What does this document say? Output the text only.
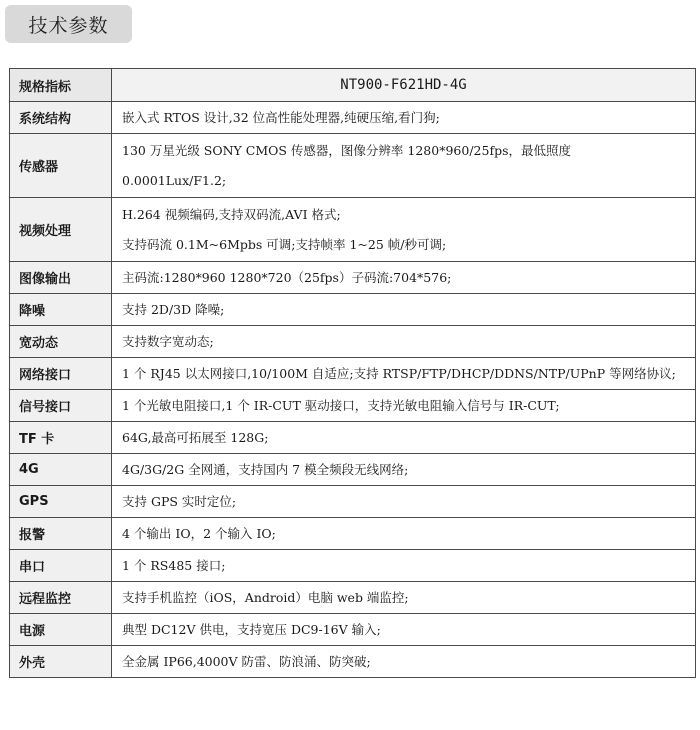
技术参数
规格指标	NT900-F621HD-4G

系统结构	嵌入式 RTOS 设计,32 位高性能处理器,纯硬压缩,看门狗;

传感器	130 万星光级 SONY CMOS 传感器，图像分辨率 1280*960/25fps，最低照度
0.0001Lux/F1.2;

视频处理	H.264 视频编码,支持双码流,AVI 格式;
支持码流 0.1M~6Mpbs 可调;支持帧率 1~25 帧/秒可调;

图像输出	主码流:1280*960 1280*720（25fps）子码流:704*576;

降噪	支持 2D/3D 降噪;

宽动态	支持数字宽动态;

网络接口	1 个 RJ45 以太网接口,10/100M 自适应;支持 RTSP/FTP/DHCP/DDNS/NTP/UPnP 等网络协议;

信号接口	1 个光敏电阻接口,1 个 IR-CUT 驱动接口，支持光敏电阻输入信号与 IR-CUT;

TF 卡	64G,最高可拓展至 128G;

4G	4G/3G/2G 全网通，支持国内 7 模全频段无线网络;

GPS	支持 GPS 实时定位;

报警	4 个输出 IO，2 个输入 IO;

串口	1 个 RS485 接口;

远程监控	支持手机监控（iOS，Android）电脑 web 端监控;

电源	典型 DC12V 供电，支持宽压 DC9-16V 输入;

外壳	全金属 IP66,4000V 防雷、防浪涌、防突破;
